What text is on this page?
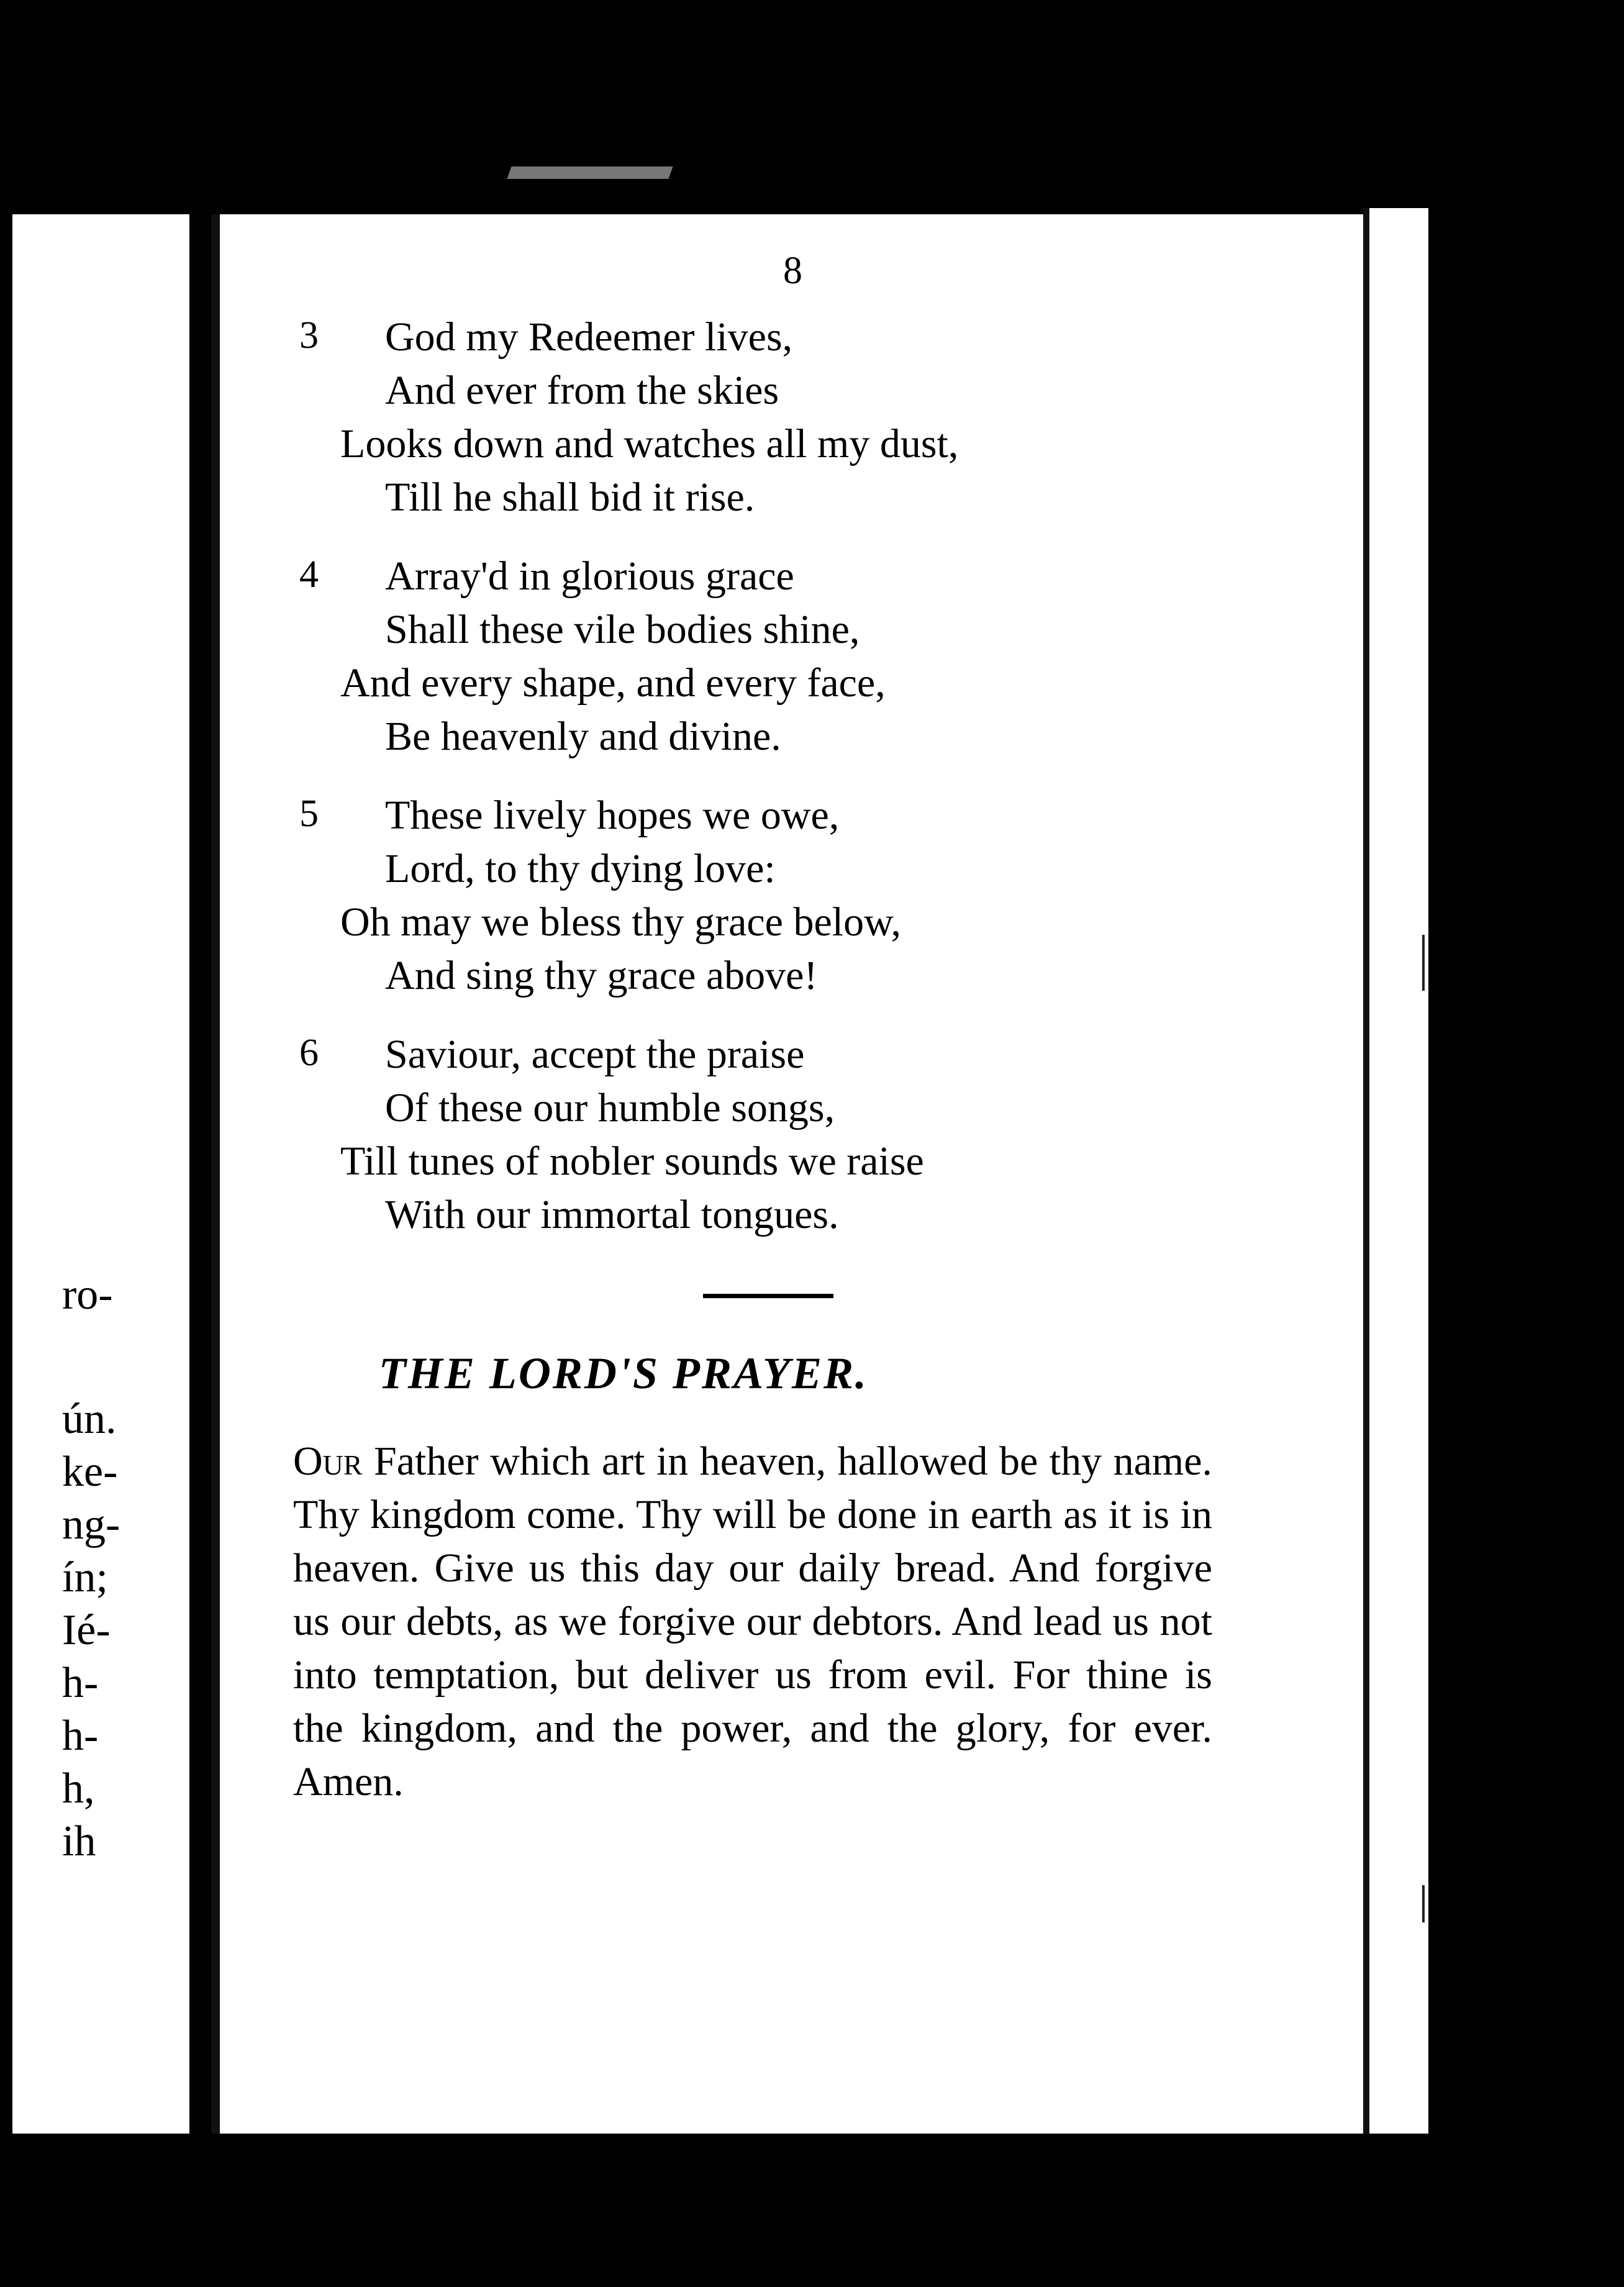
ro-
ún.
ke-
ng-
ín;
Ié-
h-
h-
h,
ih
8
3 God my Redeemer lives,
And ever from the skies
Looks down and watches all my dust,
Till he shall bid it rise.
4 Array'd in glorious grace
Shall these vile bodies shine,
And every shape, and every face,
Be heavenly and divine.
5 These lively hopes we owe,
Lord, to thy dying love:
Oh may we bless thy grace below,
And sing thy grace above!
6 Saviour, accept the praise
Of these our humble songs,
Till tunes of nobler sounds we raise
With our immortal tongues.
THE LORD'S PRAYER.

Our Father which art in heaven, hallowed be thy name. Thy kingdom come. Thy will be done in earth as it is in heaven. Give us this day our daily bread. And forgive us our debts, as we forgive our debtors. And lead us not into temptation, but deliver us from evil. For thine is the kingdom, and the power, and the glory, for ever. Amen.
